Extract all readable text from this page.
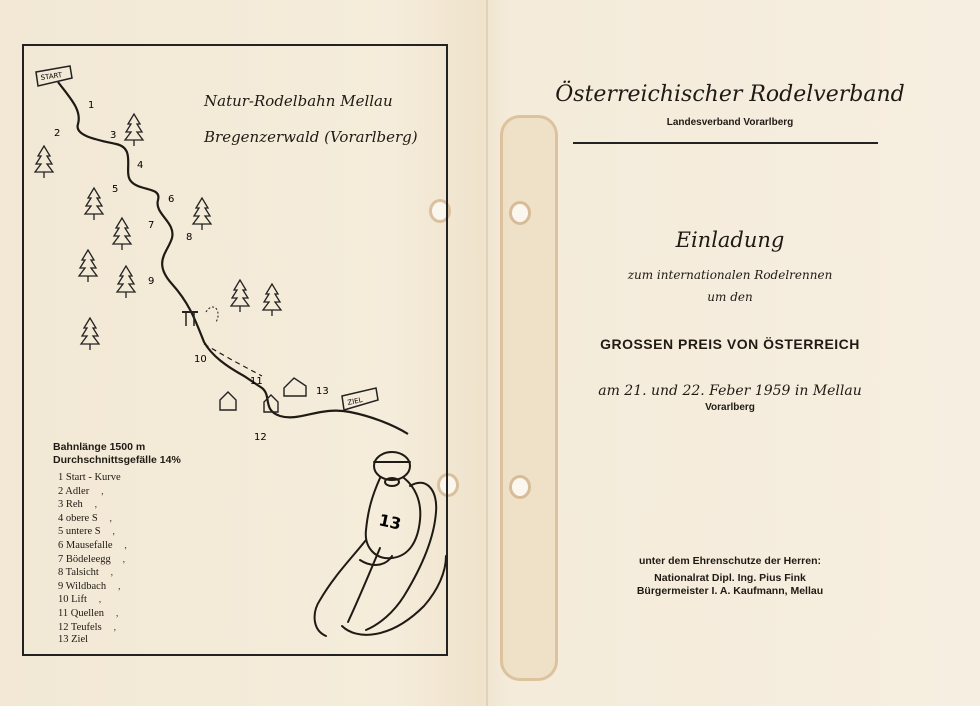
Natur-Rodelbahn Mellau
Bregenzerwald (Vorarlberg)
START
ZIEL
1
2	3
4
5
6
7
8
9
10
11
12
13
13
Bahnlänge 1500 m
Durchschnittsgefälle 14%
1 Start - Kurve
2 Adler ,
3 Reh ,
4 obere S ,
5 untere S ,
6 Mausefalle ,
7 Bödeleegg ,
8 Talsicht ,
9 Wildbach ,
10 Lift ,
11 Quellen ,
12 Teufels ,
13 Ziel
Österreichischer Rodelverband
Landesverband Vorarlberg
Einladung
zum internationalen Rodelrennen
um den
GROSSEN PREIS VON ÖSTERREICH
am 21. und 22. Feber 1959 in Mellau
Vorarlberg
unter dem Ehrenschutze der Herren:
Nationalrat Dipl. Ing. Pius Fink
Bürgermeister I. A. Kaufmann, Mellau
